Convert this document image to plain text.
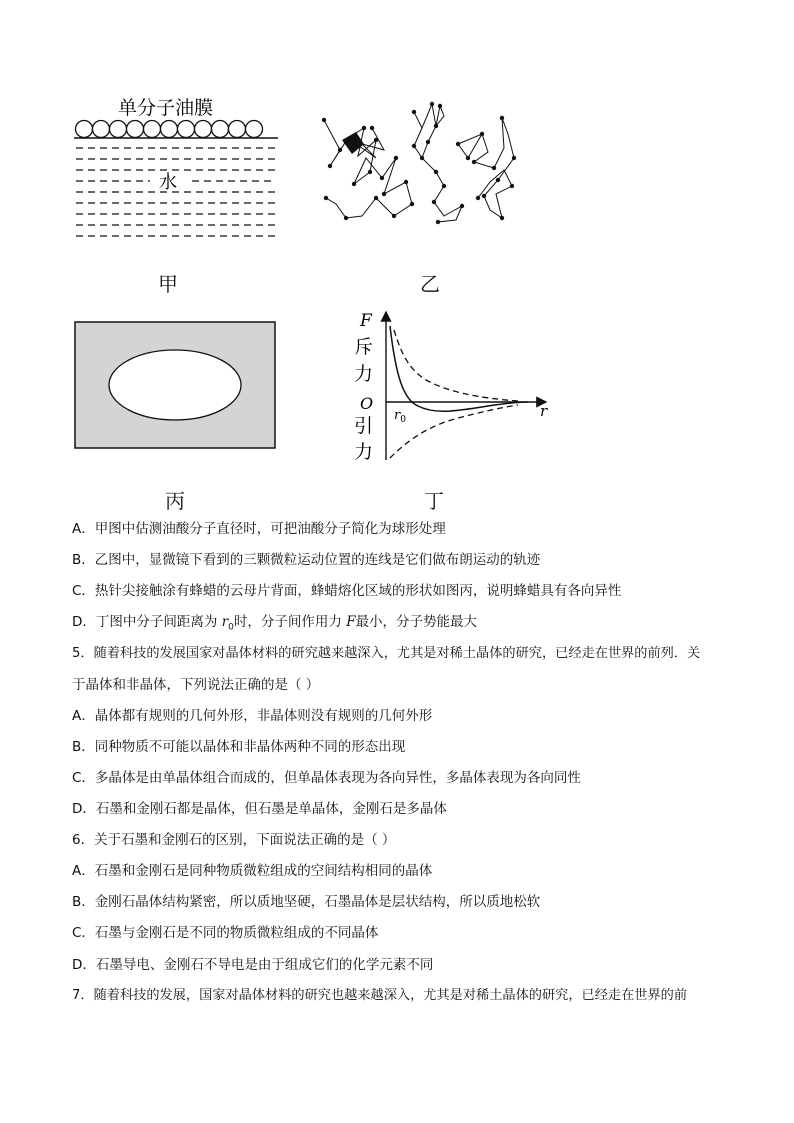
单分子油膜
水
甲	乙
丙
F
斥
力
O
引
力
r
$r_0$
丁
A．甲图中估测油酸分子直径时，可把油酸分子简化为球形处理
B．乙图中，显微镜下看到的三颗微粒运动位置的连线是它们做布朗运动的轨迹
C．热针尖接触涂有蜂蜡的云母片背面，蜂蜡熔化区域的形状如图丙，说明蜂蜡具有各向异性
D．丁图中分子间距离为 $r_0$时，分子间作用力 F最小，分子势能最大
5．随着科技的发展国家对晶体材料的研究越来越深入，尤其是对稀土晶体的研究，已经走在世界的前列．关
于晶体和非晶体，下列说法正确的是（ ）
A．晶体都有规则的几何外形，非晶体则没有规则的几何外形
B．同种物质不可能以晶体和非晶体两种不同的形态出现
C．多晶体是由单晶体组合而成的，但单晶体表现为各向异性，多晶体表现为各向同性
D．石墨和金刚石都是晶体，但石墨是单晶体，金刚石是多晶体
6．关于石墨和金刚石的区别，下面说法正确的是（ ）
A．石墨和金刚石是同种物质微粒组成的空间结构相同的晶体
B．金刚石晶体结构紧密，所以质地坚硬，石墨晶体是层状结构，所以质地松软
C．石墨与金刚石是不同的物质微粒组成的不同晶体
D．石墨导电、金刚石不导电是由于组成它们的化学元素不同
7．随着科技的发展，国家对晶体材料的研究也越来越深入，尤其是对稀土晶体的研究，已经走在世界的前
